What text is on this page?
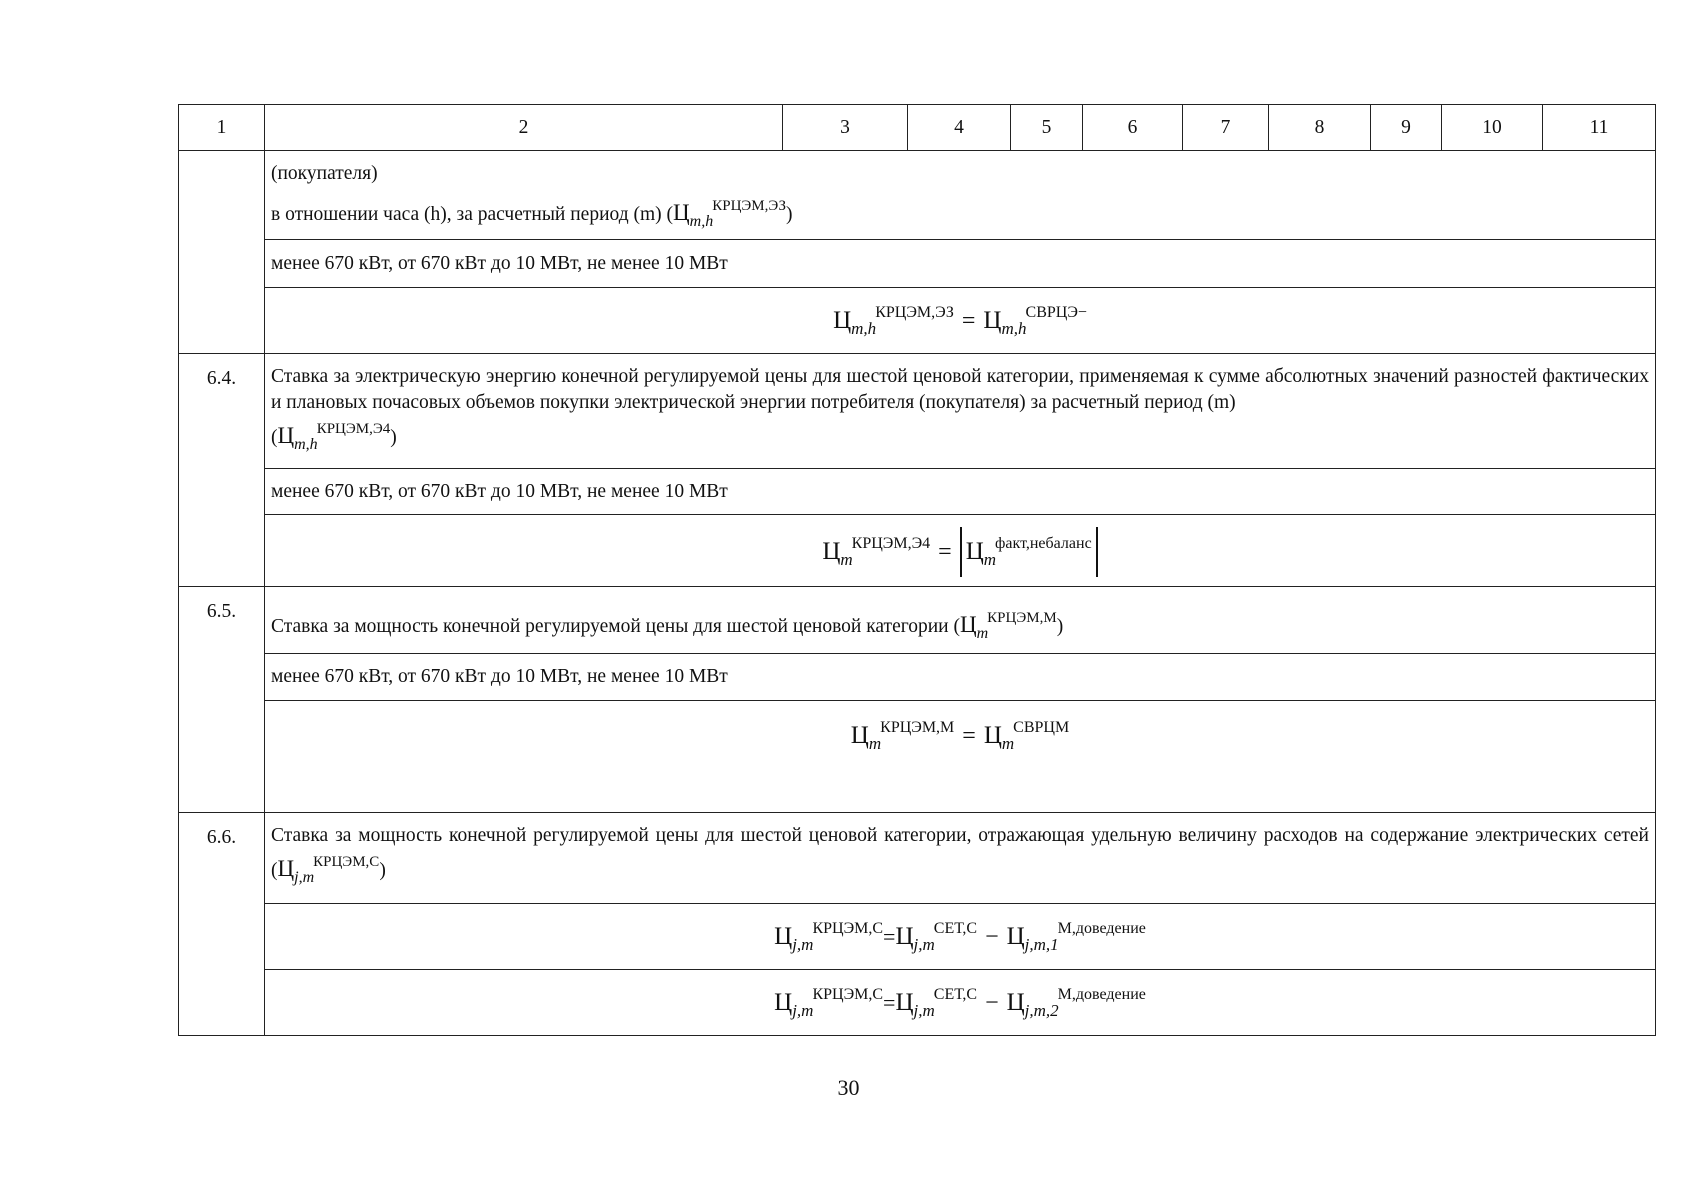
1	2	3	4	5	6	7	8	9	10	11

	(покупателя)
в отношении часа (h), за расчетный период (m) $(Ц_{m,h}^{КРЦЭМ,ЭЗ})$									

	менее 670 кВт, от 670 кВт до 10 МВт, не менее 10 МВт									
	$Ц_{m,h}^{КРЦЭМ,ЭЗ} = Ц_{m,h}^{СВРЦЭ-}$
6.4.	Ставка за электрическую энергию конечной регулируемой цены для шестой ценовой категории, применяемая к сумме абсолютных значений разностей фактических и плановых почасовых объемов покупки электрической энергии потребителя (покупателя) за расчетный период (m)
$(Ц_{m,h}^{КРЦЭМ,Э4})$									
	менее 670 кВт, от 670 кВт до 10 МВт, не менее 10 МВт									
	$Ц_m^{КРЦЭМ,Э4} = Ц_m^{факт,небаланс}$
6.5.	Ставка за мощность конечной регулируемой цены для шестой ценовой категории $(Ц_m^{КРЦЭМ,М})$									
	менее 670 кВт, от 670 кВт до 10 МВт, не менее 10 МВт									
	$Ц_m^{КРЦЭМ,М} = Ц_m^{СВРЦМ}$
6.6.	Ставка за мощность конечной регулируемой цены для шестой ценовой категории, отражающая удельную величину расходов на содержание электрических сетей $(Ц_{j,m}^{КРЦЭМ,C})$									
	$Ц_{j,m}^{КРЦЭМ,C}=Ц_{j,m}^{СЕТ,C} - Ц_{j,m,1}^{М,доведение}$
	$Ц_{j,m}^{КРЦЭМ,C}=Ц_{j,m}^{СЕТ,C} - Ц_{j,m,2}^{М,доведение}$
30
